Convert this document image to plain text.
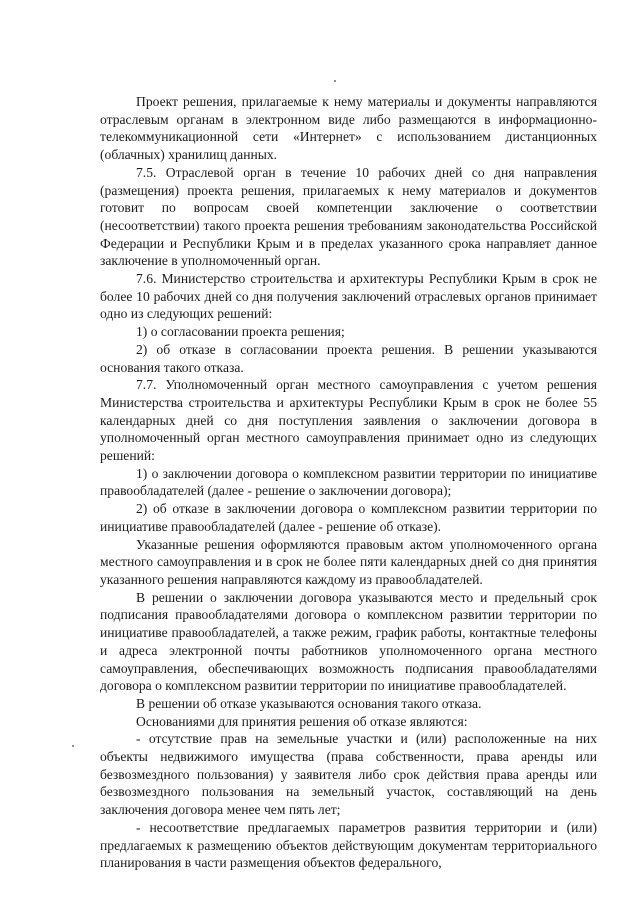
Проект решения, прилагаемые к нему материалы и документы направляются отраслевым органам в электронном виде либо размещаются в информационно-телекоммуникационной сети «Интернет» с использованием дистанционных (облачных) хранилищ данных.

7.5. Отраслевой орган в течение 10 рабочих дней со дня направления (размещения) проекта решения, прилагаемых к нему материалов и документов готовит по вопросам своей компетенции заключение о соответствии (несоответствии) такого проекта решения требованиям законодательства Российской Федерации и Республики Крым и в пределах указанного срока направляет данное заключение в уполномоченный орган.

7.6. Министерство строительства и архитектуры Республики Крым в срок не более 10 рабочих дней со дня получения заключений отраслевых органов принимает одно из следующих решений:

1) о согласовании проекта решения;

2) об отказе в согласовании проекта решения. В решении указываются основания такого отказа.

7.7. Уполномоченный орган местного самоуправления с учетом решения Министерства строительства и архитектуры Республики Крым в срок не более 55 календарных дней со дня поступления заявления о заключении договора в уполномоченный орган местного самоуправления принимает одно из следующих решений:

1) о заключении договора о комплексном развитии территории по инициативе правообладателей (далее - решение о заключении договора);

2) об отказе в заключении договора о комплексном развитии территории по инициативе правообладателей (далее - решение об отказе).

Указанные решения оформляются правовым актом уполномоченного органа местного самоуправления и в срок не более пяти календарных дней со дня принятия указанного решения направляются каждому из правообладателей.

В решении о заключении договора указываются место и предельный срок подписания правообладателями договора о комплексном развитии территории по инициативе правообладателей, а также режим, график работы, контактные телефоны и адреса электронной почты работников уполномоченного органа местного самоуправления, обеспечивающих возможность подписания правообладателями договора о комплексном развитии территории по инициативе правообладателей.

В решении об отказе указываются основания такого отказа.

Основаниями для принятия решения об отказе являются:

- отсутствие прав на земельные участки и (или) расположенные на них объекты недвижимого имущества (права собственности, права аренды или безвозмездного пользования) у заявителя либо срок действия права аренды или безвозмездного пользования на земельный участок, составляющий на день заключения договора менее чем пять лет;

- несоответствие предлагаемых параметров развития территории и (или) предлагаемых к размещению объектов действующим документам территориального планирования в части размещения объектов федерального,
